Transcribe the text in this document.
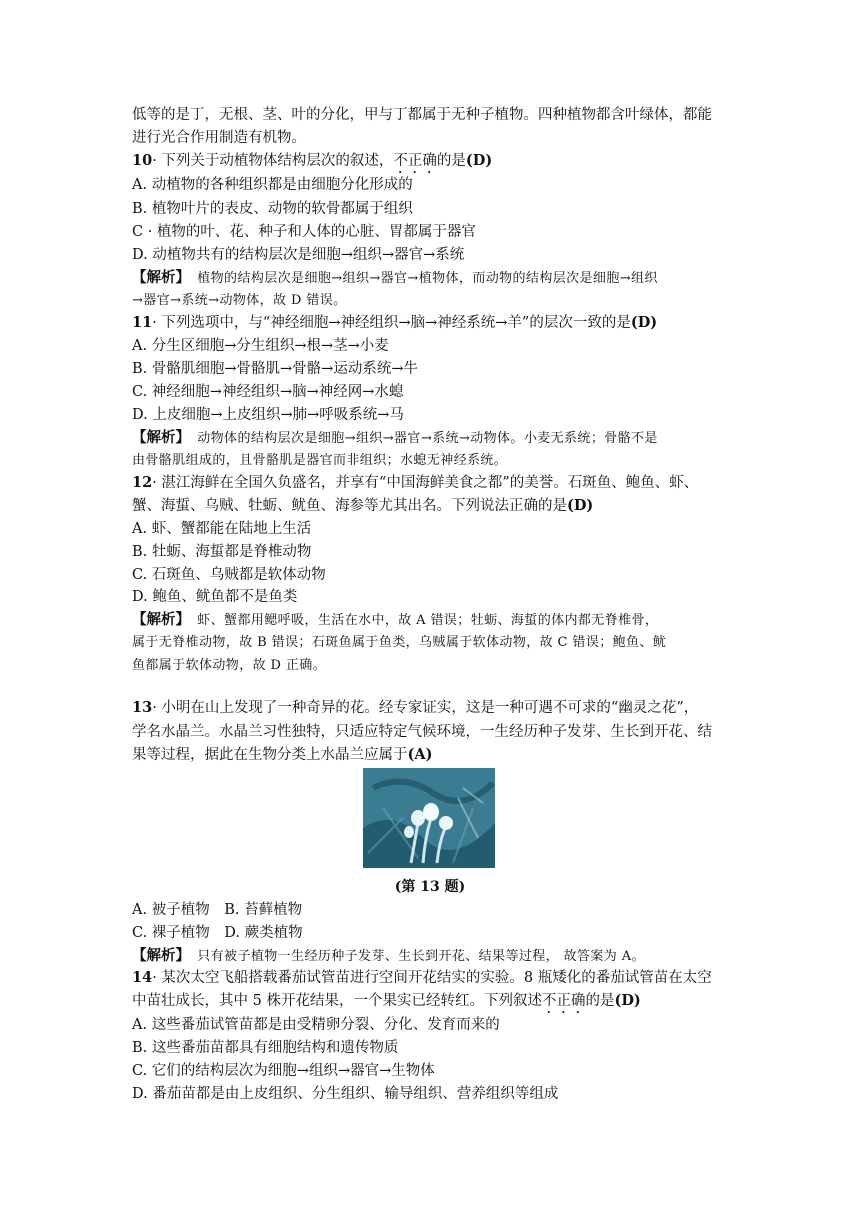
低等的是丁，无根、茎、叶的分化，甲与丁都属于无种子植物。四种植物都含叶绿体，都能
进行光合作用制造有机物。
10· 下列关于动植物体结构层次的叙述，不正确的是(D)
A. 动植物的各种组织都是由细胞分化形成的
B. 植物叶片的表皮、动物的软骨都属于组织
C · 植物的叶、花、种子和人体的心脏、胃都属于器官
D. 动植物共有的结构层次是细胞→组织→器官→系统
【解析】　 植物的结构层次是细胞→组织→器官→植物体，而动物的结构层次是细胞→组织
→器官→系统→动物体，故 D 错误。
11· 下列选项中，与“神经细胞→神经组织→脑→神经系统→羊”的层次一致的是(D)
A. 分生区细胞→分生组织→根→茎→小麦
B. 骨骼肌细胞→骨骼肌→骨骼→运动系统→牛
C. 神经细胞→神经组织→脑→神经网→水螅
D. 上皮细胞→上皮组织→肺→呼吸系统→马
【解析】　 动物体的结构层次是细胞→组织→器官→系统→动物体。小麦无系统；骨骼不是
由骨骼肌组成的，且骨骼肌是器官而非组织；水螅无神经系统。
12· 湛江海鲜在全国久负盛名，并享有“中国海鲜美食之都”的美誉。石斑鱼、鲍鱼、虾、
蟹、海蜇、乌贼、牡蛎、鱿鱼、海参等尤其出名。下列说法正确的是(D)
A. 虾、蟹都能在陆地上生活
B. 牡蛎、海蜇都是脊椎动物
C. 石斑鱼、乌贼都是软体动物
D. 鲍鱼、鱿鱼都不是鱼类
【解析】　 虾、蟹都用鳃呼吸，生活在水中，故 A 错误；牡蛎、海蜇的体内都无脊椎骨，
属于无脊椎动物，故 B 错误；石斑鱼属于鱼类，乌贼属于软体动物，故 C 错误；鲍鱼、鱿
鱼都属于软体动物，故 D 正确。
13· 小明在山上发现了一种奇异的花。经专家证实，这是一种可遇不可求的“幽灵之花”，
学名水晶兰。水晶兰习性独特，只适应特定气候环境，一生经历种子发芽、生长到开花、结
果等过程，据此在生物分类上水晶兰应属于(A)
(第 13 题)
A. 被子植物　B. 苔藓植物
C. 裸子植物　D. 蕨类植物
【解析】　 只有被子植物一生经历种子发芽、生长到开花、结果等过程， 故答案为 A。
14· 某次太空飞船搭载番茄试管苗进行空间开花结实的实验。8 瓶矮化的番茄试管苗在太空
中苗壮成长，其中 5 株开花结果，一个果实已经转红。下列叙述不正确的是(D)
A. 这些番茄试管苗都是由受精卵分裂、分化、发育而来的
B. 这些番茄苗都具有细胞结构和遗传物质
C. 它们的结构层次为细胞→组织→器官→生物体
D. 番茄苗都是由上皮组织、分生组织、输导组织、营养组织等组成
